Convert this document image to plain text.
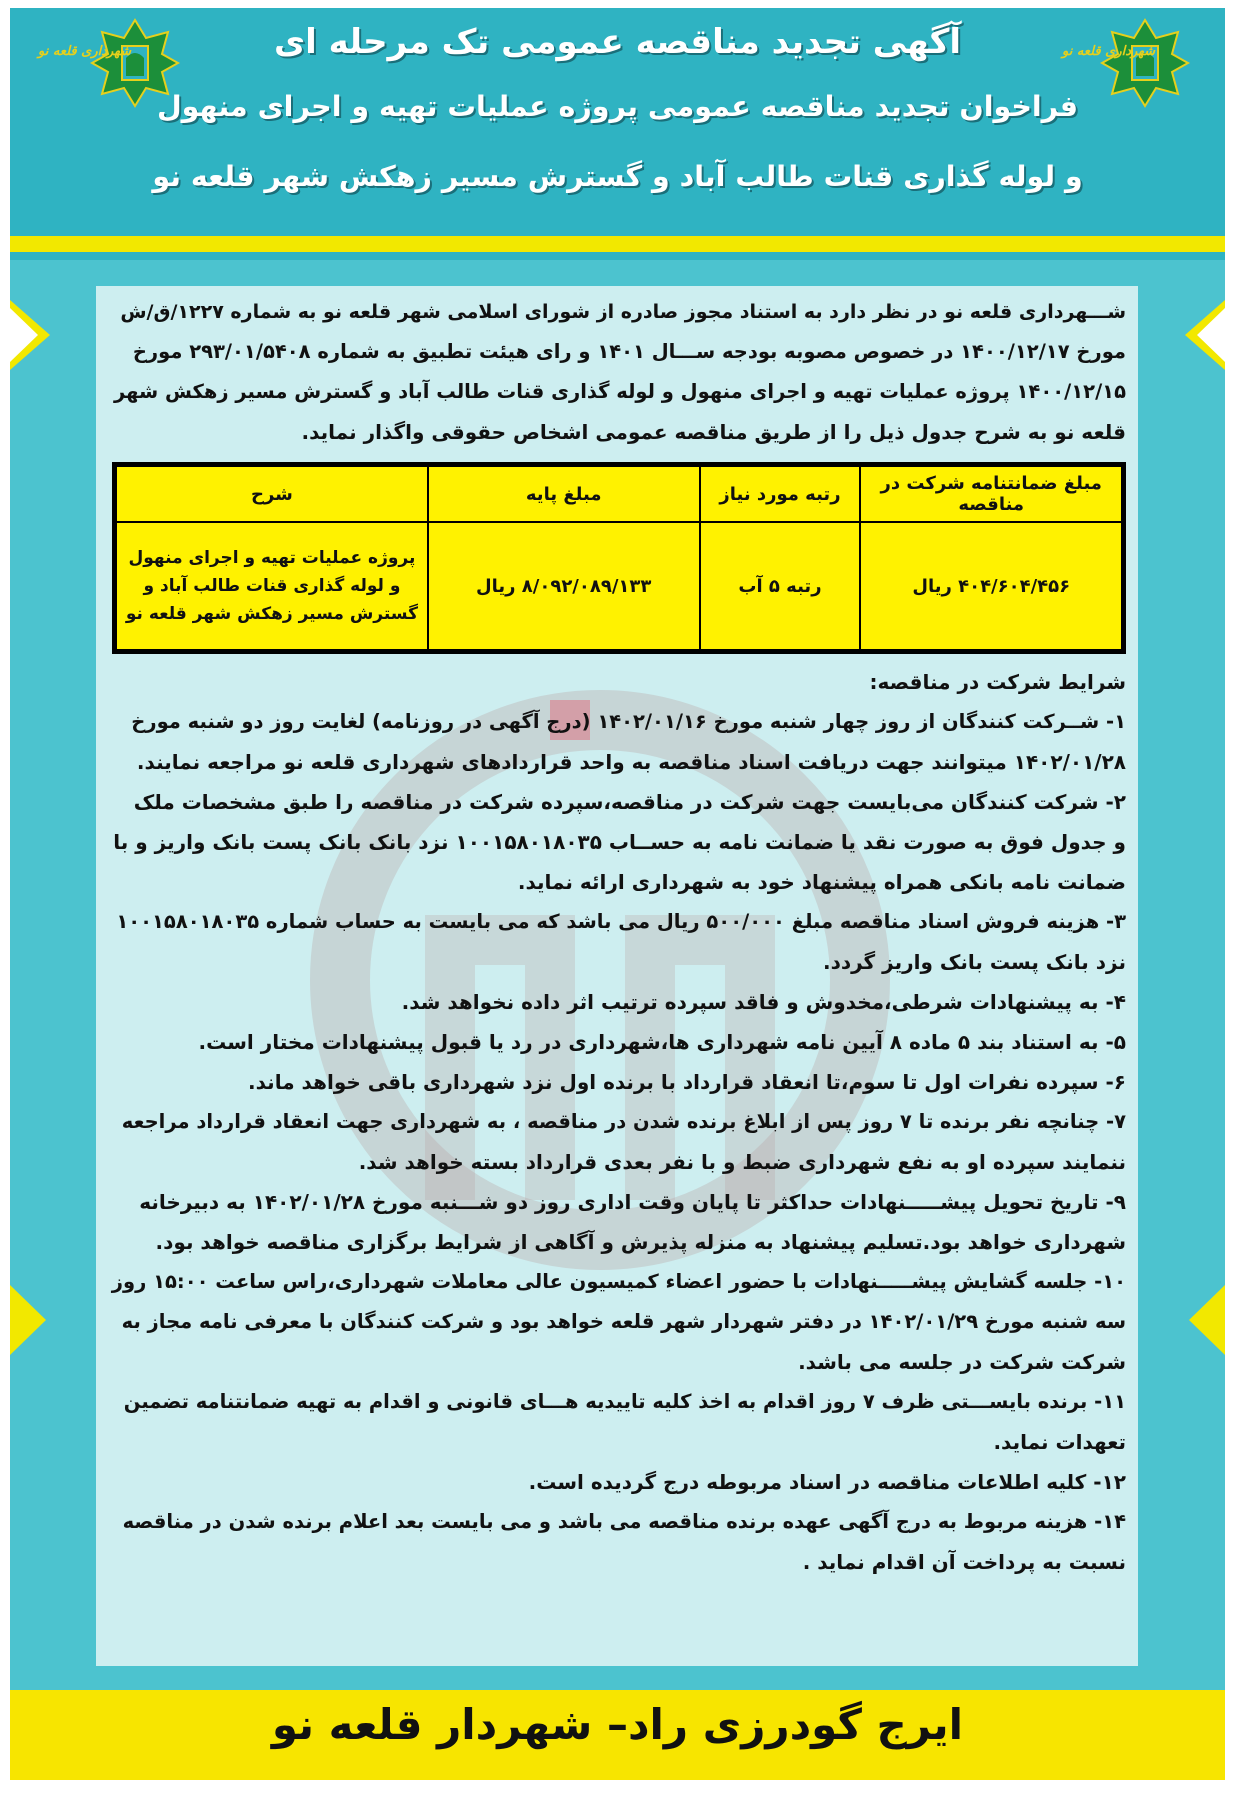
شهرداری قلعه نو	شهرداری قلعه نو
آگهی تجدید مناقصه عمومی تک مرحله ای
فراخوان تجدید مناقصه عمومی پروژه عملیات تهیه و اجرای منهول
و لوله گذاری قنات طالب آباد و گسترش مسیر زهکش شهر قلعه نو
شـــهرداری قلعه نو در نظر دارد به استناد مجوز صادره از شورای اسلامی شهر قلعه نو به شماره ۱۲۲۷/ق/ش
مورخ ۱۴۰۰/۱۲/۱۷ در خصوص مصوبه بودجه ســـال ۱۴۰۱ و رای هیئت تطبیق به شماره ۲۹۳/۰۱/۵۴۰۸ مورخ
۱۴۰۰/۱۲/۱۵ پروژه عملیات تهیه و اجرای منهول و لوله گذاری قنات طالب آباد و گسترش مسیر زهکش شهر
قلعه نو به شرح جدول ذیل را از طریق مناقصه عمومی اشخاص حقوقی واگذار نماید.
مبلغ ضمانتنامه شرکت در مناقصه	رتبه مورد نیاز	مبلغ پایه	شرح
۴۰۴/۶۰۴/۴۵۶ ریال	رتبه ۵ آب	۸/۰۹۲/۰۸۹/۱۳۳ ریال	پروژه عملیات تهیه و اجرای منهول و لوله گذاری قنات طالب آباد و گسترش مسیر زهکش شهر قلعه نو
شرایط شرکت در مناقصه:
۱- شــرکت کنندگان از روز چهار شنبه مورخ ۱۴۰۲/۰۱/۱۶ (درج آگهی در روزنامه) لغایت روز دو شنبه مورخ
۱۴۰۲/۰۱/۲۸ میتوانند جهت دریافت اسناد مناقصه به واحد قراردادهای شهرداری قلعه نو مراجعه نمایند.
۲- شرکت کنندگان می‌بایست جهت شرکت در مناقصه،سپرده شرکت در مناقصه را طبق مشخصات ملک
و جدول فوق به صورت نقد یا ضمانت نامه به حســاب ۱۰۰۱۵۸۰۱۸۰۳۵ نزد بانک بانک پست بانک واریز و با
ضمانت نامه بانکی همراه پیشنهاد خود به شهرداری ارائه نماید.
۳- هزینه فروش اسناد مناقصه مبلغ ۵۰۰/۰۰۰ ریال می باشد که می بایست به حساب شماره ۱۰۰۱۵۸۰۱۸۰۳۵
نزد بانک پست بانک واریز گردد.
۴- به پیشنهادات شرطی،مخدوش و فاقد سپرده ترتیب اثر داده نخواهد شد.
۵- به استناد بند ۵ ماده ۸ آیین نامه شهرداری ها،شهرداری در رد یا قبول پیشنهادات مختار است.
۶- سپرده نفرات اول تا سوم،تا انعقاد قرارداد با برنده اول نزد شهرداری باقی خواهد ماند.
۷- چنانچه نفر برنده تا ۷ روز پس از ابلاغ برنده شدن در مناقصه ، به شهرداری جهت انعقاد قرارداد مراجعه
ننمایند سپرده او به نفع شهرداری ضبط و با نفر بعدی قرارداد بسته خواهد شد.
۹- تاریخ تحویل پیشـــــنهادات حداکثر تا پایان وقت اداری روز دو شـــنبه مورخ ۱۴۰۲/۰۱/۲۸ به دبیرخانه
شهرداری خواهد بود.تسلیم پیشنهاد به منزله پذیرش و آگاهی از شرایط برگزاری مناقصه خواهد بود.
۱۰- جلسه گشایش پیشـــــنهادات با حضور اعضاء کمیسیون عالی معاملات شهرداری،راس ساعت ۱۵:۰۰ روز
سه شنبه مورخ ۱۴۰۲/۰۱/۲۹ در دفتر شهردار شهر قلعه خواهد بود و شرکت کنندگان با معرفی نامه مجاز به
شرکت شرکت در جلسه می باشد.
۱۱- برنده بایســـتی ظرف ۷ روز اقدام به اخذ کلیه تاییدیه هـــای قانونی و اقدام به تهیه ضمانتنامه تضمین
تعهدات نماید.
۱۲- کلیه اطلاعات مناقصه در اسناد مربوطه درج گردیده است.
۱۴- هزینه مربوط به درج آگهی عهده برنده مناقصه می باشد و می بایست بعد اعلام برنده شدن در مناقصه
نسبت به پرداخت آن اقدام نماید .
ایرج گودرزی راد– شهردار قلعه نو
